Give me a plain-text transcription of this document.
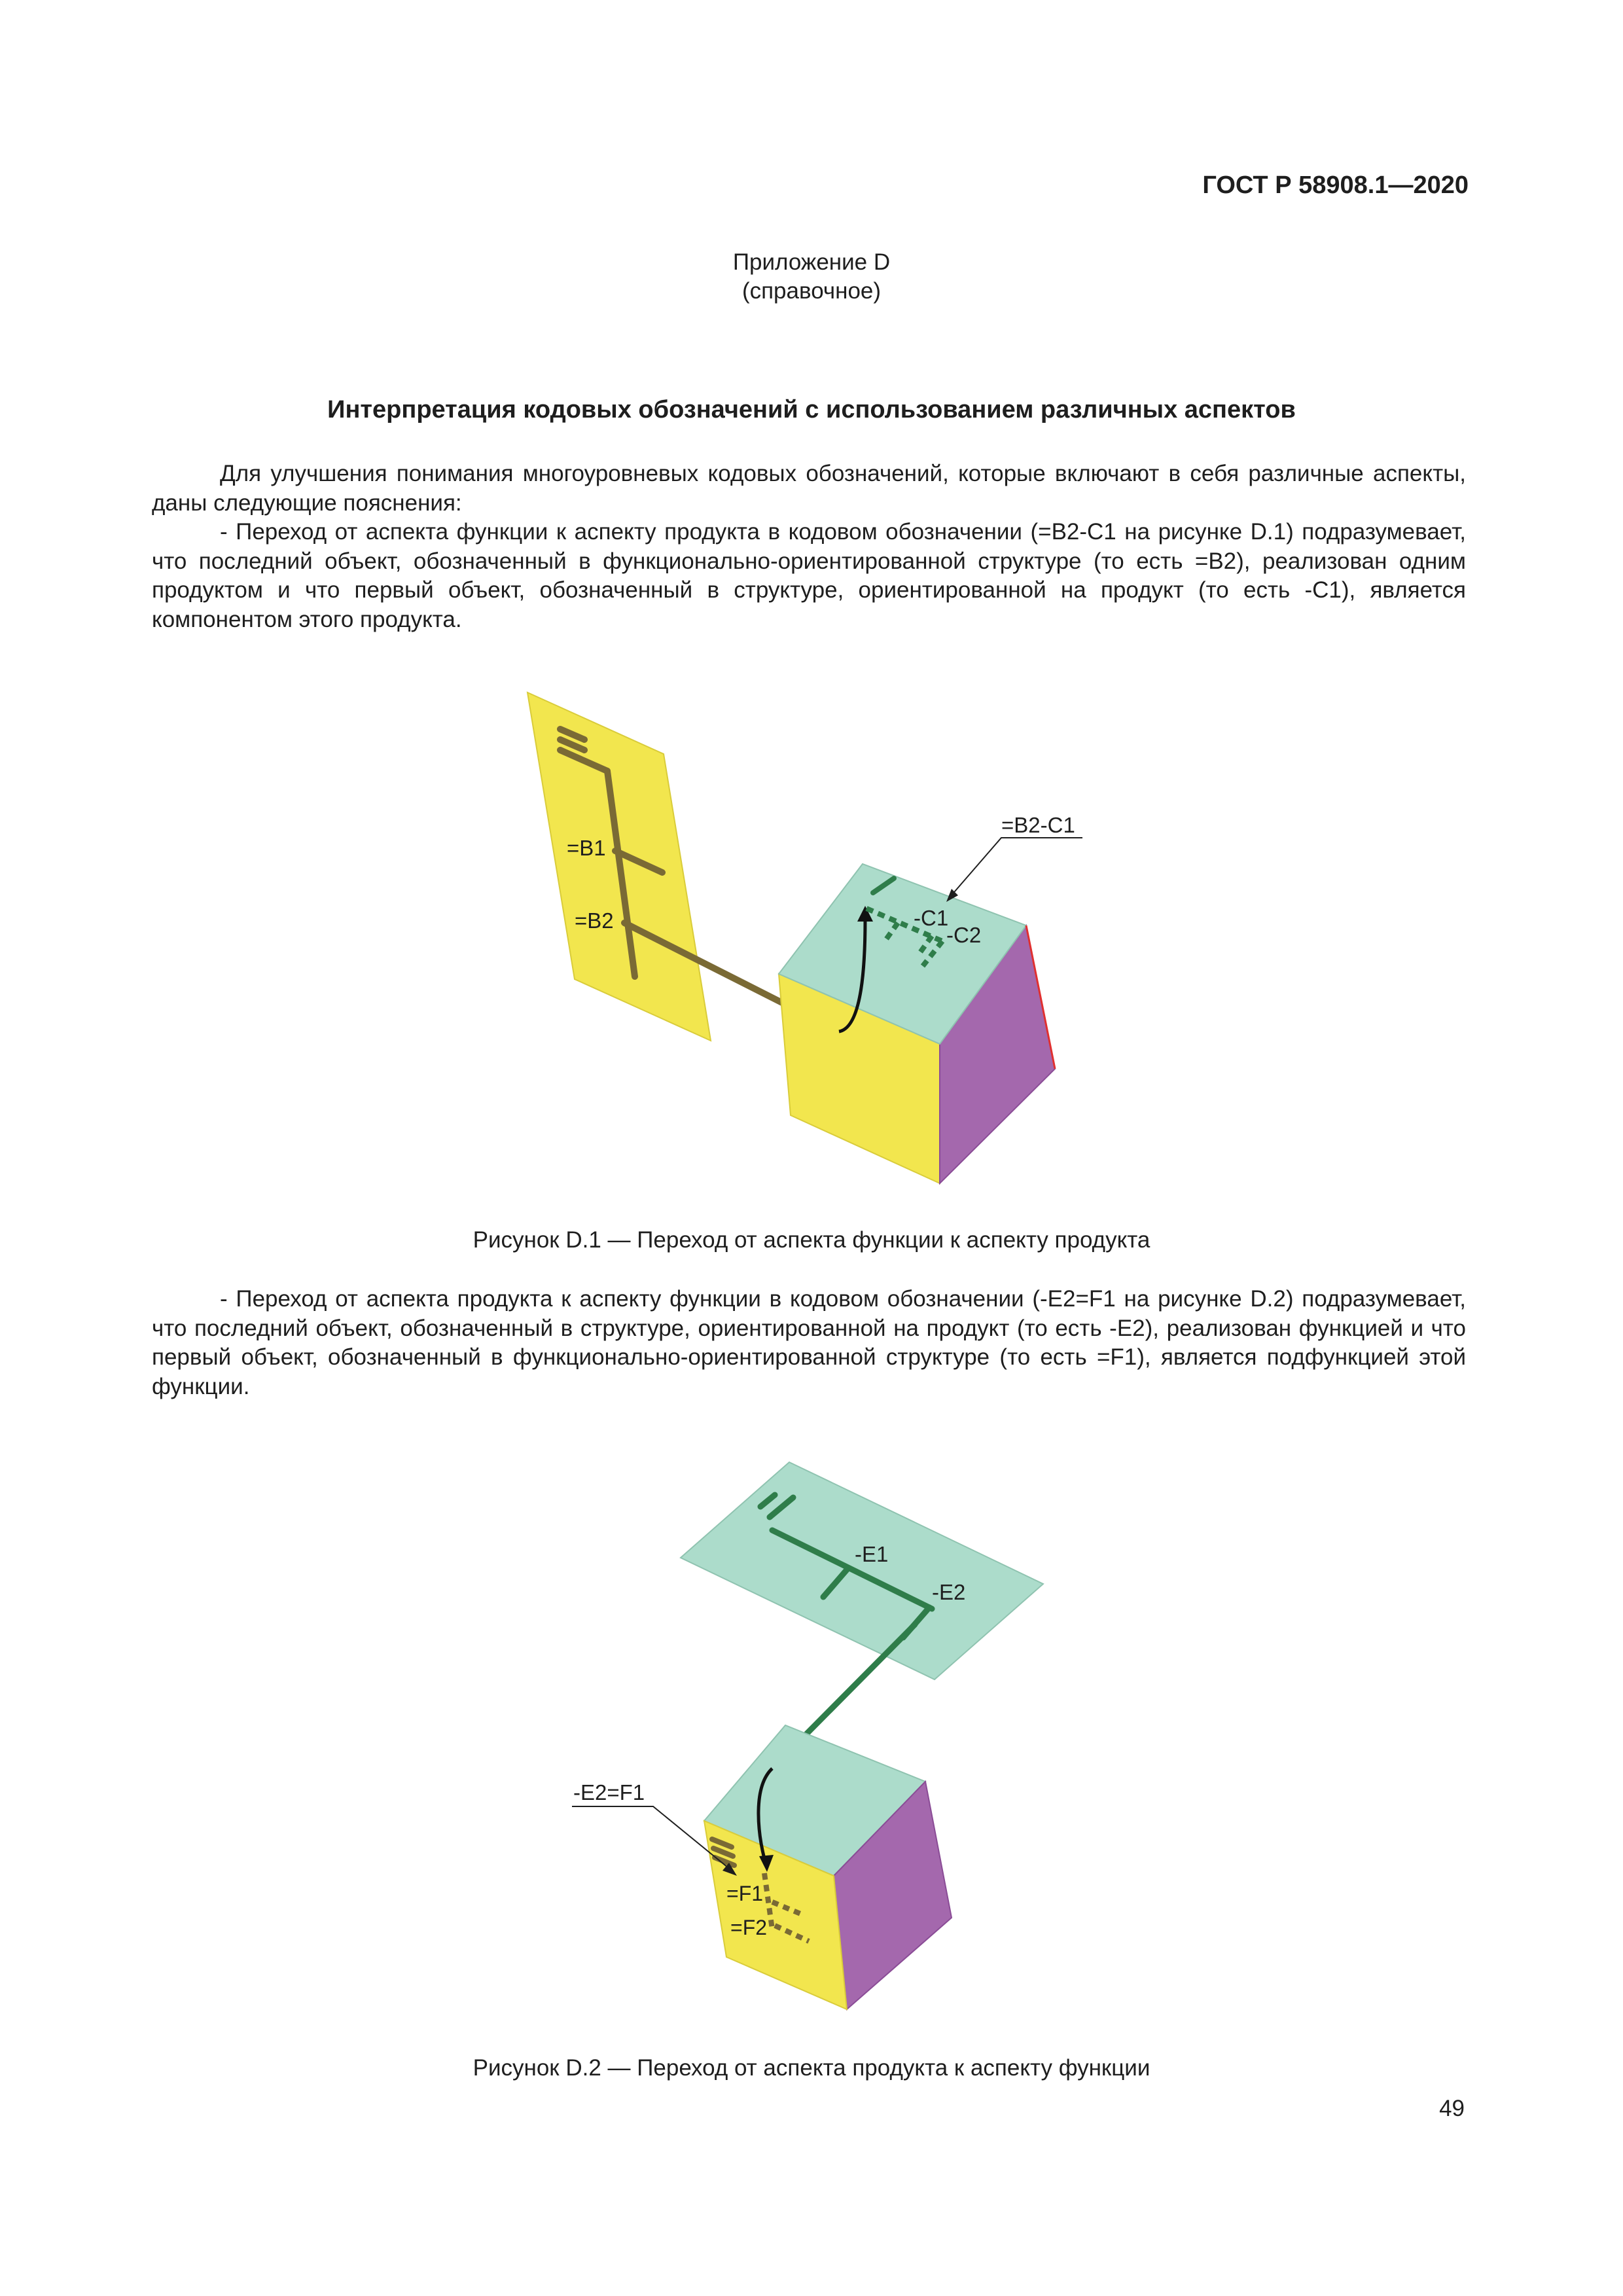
ГОСТ Р 58908.1—2020
Приложение D
(справочное)
Интерпретация кодовых обозначений с использованием различных аспектов
Для улучшения понимания многоуровневых кодовых обозначений, которые включают в себя различные аспекты, даны следующие пояснения:
- Переход от аспекта функции к аспекту продукта в кодовом обозначении (=B2-C1 на рисунке D.1) подразумевает, что последний объект, обозначенный в функционально-ориентированной структуре (то есть =B2), реализован одним продуктом и что первый объект, обозначенный в структуре, ориентированной на продукт (то есть -C1), является компонентом этого продукта.
=B1
=B2	-C1
-C2
=B2-C1
Рисунок D.1 — Переход от аспекта функции к аспекту продукта
- Переход от аспекта продукта к аспекту функции в кодовом обозначении (-E2=F1 на рисунке D.2) подразумевает, что последний объект, обозначенный в структуре, ориентированной на продукт (то есть -E2), реализован функцией и что первый объект, обозначенный в функционально-ориентированной структуре (то есть =F1), является подфункцией этой функции.
-E1
-E2
=F1
=F2
-E2=F1
Рисунок D.2 — Переход от аспекта продукта к аспекту функции
49
